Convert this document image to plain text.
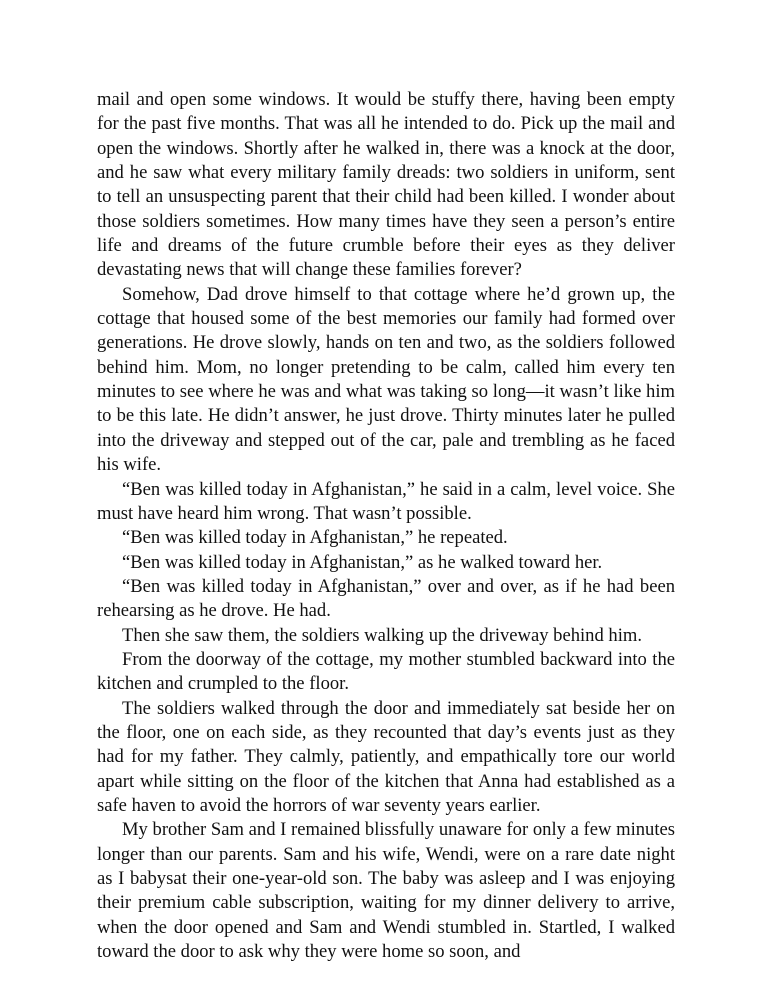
mail and open some windows. It would be stuffy there, having been empty for the past five months. That was all he intended to do. Pick up the mail and open the windows. Shortly after he walked in, there was a knock at the door, and he saw what every military family dreads: two soldiers in uniform, sent to tell an unsuspecting parent that their child had been killed. I wonder about those soldiers sometimes. How many times have they seen a person’s entire life and dreams of the future crumble before their eyes as they deliver devastating news that will change these families forever?

Somehow, Dad drove himself to that cottage where he’d grown up, the cottage that housed some of the best memories our family had formed over generations. He drove slowly, hands on ten and two, as the soldiers followed behind him. Mom, no longer pretending to be calm, called him every ten minutes to see where he was and what was taking so long—it wasn’t like him to be this late. He didn’t answer, he just drove. Thirty minutes later he pulled into the driveway and stepped out of the car, pale and trembling as he faced his wife.

“Ben was killed today in Afghanistan,” he said in a calm, level voice. She must have heard him wrong. That wasn’t possible.

“Ben was killed today in Afghanistan,” he repeated.

“Ben was killed today in Afghanistan,” as he walked toward her.

“Ben was killed today in Afghanistan,” over and over, as if he had been rehearsing as he drove. He had.

Then she saw them, the soldiers walking up the driveway behind him.

From the doorway of the cottage, my mother stumbled backward into the kitchen and crumpled to the floor.

The soldiers walked through the door and immediately sat beside her on the floor, one on each side, as they recounted that day’s events just as they had for my father. They calmly, patiently, and empathically tore our world apart while sitting on the floor of the kitchen that Anna had established as a safe haven to avoid the horrors of war seventy years earlier.

My brother Sam and I remained blissfully unaware for only a few minutes longer than our parents. Sam and his wife, Wendi, were on a rare date night as I babysat their one-year-old son. The baby was asleep and I was enjoying their premium cable subscription, waiting for my dinner delivery to arrive, when the door opened and Sam and Wendi stumbled in. Startled, I walked toward the door to ask why they were home so soon, and
